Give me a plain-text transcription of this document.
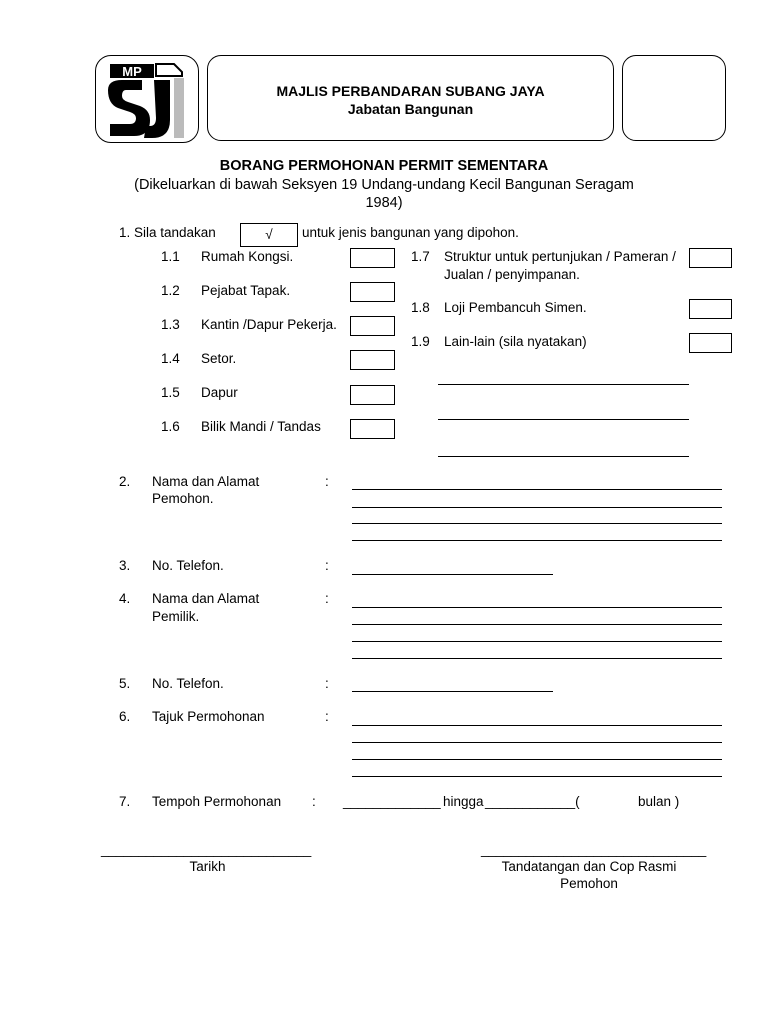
MP
MAJLIS PERBANDARAN SUBANG JAYA
Jabatan Bangunan
BORANG PERMOHONAN PERMIT SEMENTARA
(Dikeluarkan di bawah Seksyen 19 Undang-undang Kecil Bangunan Seragam
1984)
1. Sila tandakan	√	untuk jenis bangunan yang dipohon.
1.1 Rumah Kongsi.
1.2 Pejabat Tapak.
1.3 Kantin /Dapur Pekerja.
1.4 Setor.
1.5 Dapur
1.6 Bilik Mandi / Tandas
1.7 Struktur untuk pertunjukan / Pameran /
Jualan / penyimpanan.
1.8 Loji Pembancuh Simen.
1.9 Lain-lain (sila nyatakan)
2. Nama dan Alamat
Pemohon.
:
3. No. Telefon.	:
4. Nama dan Alamat
Pemilik.
:
5. No. Telefon.	:
6. Tajuk Permohonan	:
7. Tempoh Permohonan : _____________ hingga ____________(	bulan )
____________________________
Tarikh
______________________________
Tandatangan dan Cop Rasmi
Pemohon
